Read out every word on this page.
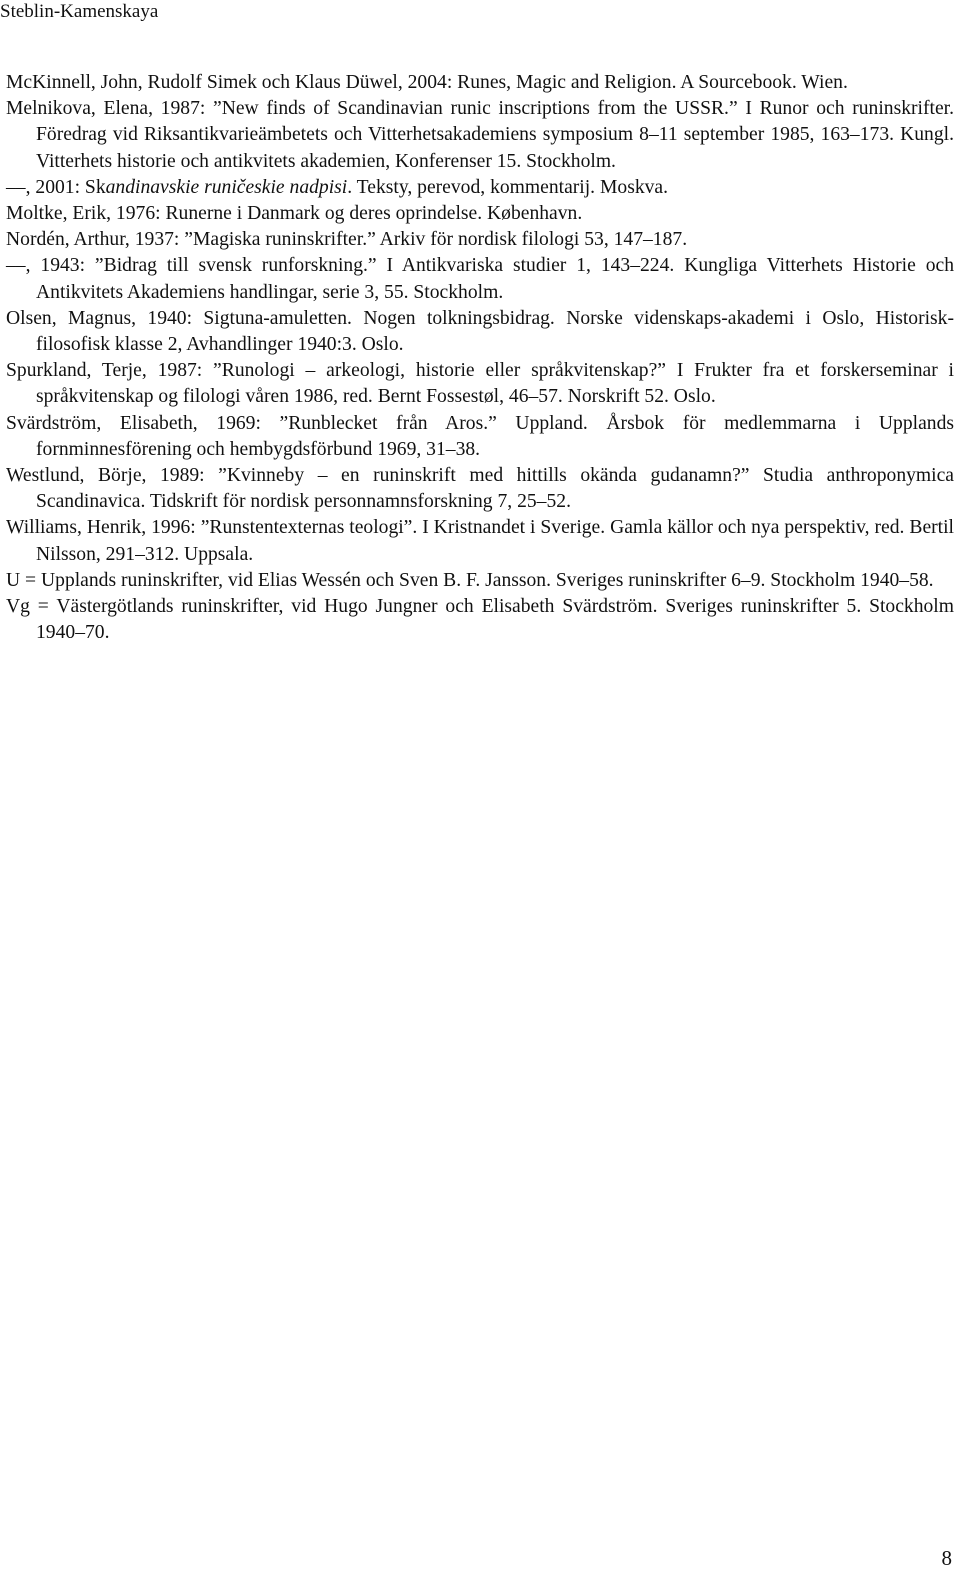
Steblin-Kamenskaya
McKinnell, John, Rudolf Simek och Klaus Düwel, 2004: Runes, Magic and Religion. A Sourcebook. Wien.
Melnikova, Elena, 1987: ”New finds of Scandinavian runic inscriptions from the USSR.” I Runor och runinskrifter. Föredrag vid Riksantikvarieämbetets och Vitterhetsakademiens symposium 8–11 september 1985, 163–173. Kungl. Vitterhets historie och antikvitets akademien, Konferenser 15. Stockholm.
––, 2001: Skandinavskie runičeskie nadpisi. Teksty, perevod, kommentarij. Moskva.
Moltke, Erik, 1976: Runerne i Danmark og deres oprindelse. København.
Nordén, Arthur, 1937: ”Magiska runinskrifter.” Arkiv för nordisk filologi 53, 147–187.
––, 1943: ”Bidrag till svensk runforskning.” I Antikvariska studier 1, 143–224. Kungliga Vitterhets Historie och Antikvitets Akademiens handlingar, serie 3, 55. Stockholm.
Olsen, Magnus, 1940: Sigtuna-amuletten. Nogen tolkningsbidrag. Norske videnskaps-akademi i Oslo, Historisk-filosofisk klasse 2, Avhandlinger 1940:3. Oslo.
Spurkland, Terje, 1987: ”Runologi – arkeologi, historie eller språkvitenskap?” I Frukter fra et forskerseminar i språkvitenskap og filologi våren 1986, red. Bernt Fossestøl, 46–57. Norskrift 52. Oslo.
Svärdström, Elisabeth, 1969: ”Runblecket från Aros.” Uppland. Årsbok för medlemmarna i Upplands fornminnesförening och hembygdsförbund 1969, 31–38.
Westlund, Börje, 1989: ”Kvinneby – en runinskrift med hittills okända gudanamn?” Studia anthroponymica Scandinavica. Tidskrift för nordisk personnamnsforskning 7, 25–52.
Williams, Henrik, 1996: ”Runstentexternas teologi”. I Kristnandet i Sverige. Gamla källor och nya perspektiv, red. Bertil Nilsson, 291–312. Uppsala.
U = Upplands runinskrifter, vid Elias Wessén och Sven B. F. Jansson. Sveriges runinskrifter 6–9. Stockholm 1940–58.
Vg = Västergötlands runinskrifter, vid Hugo Jungner och Elisabeth Svärdström. Sveriges runinskrifter 5. Stockholm 1940–70.
8
